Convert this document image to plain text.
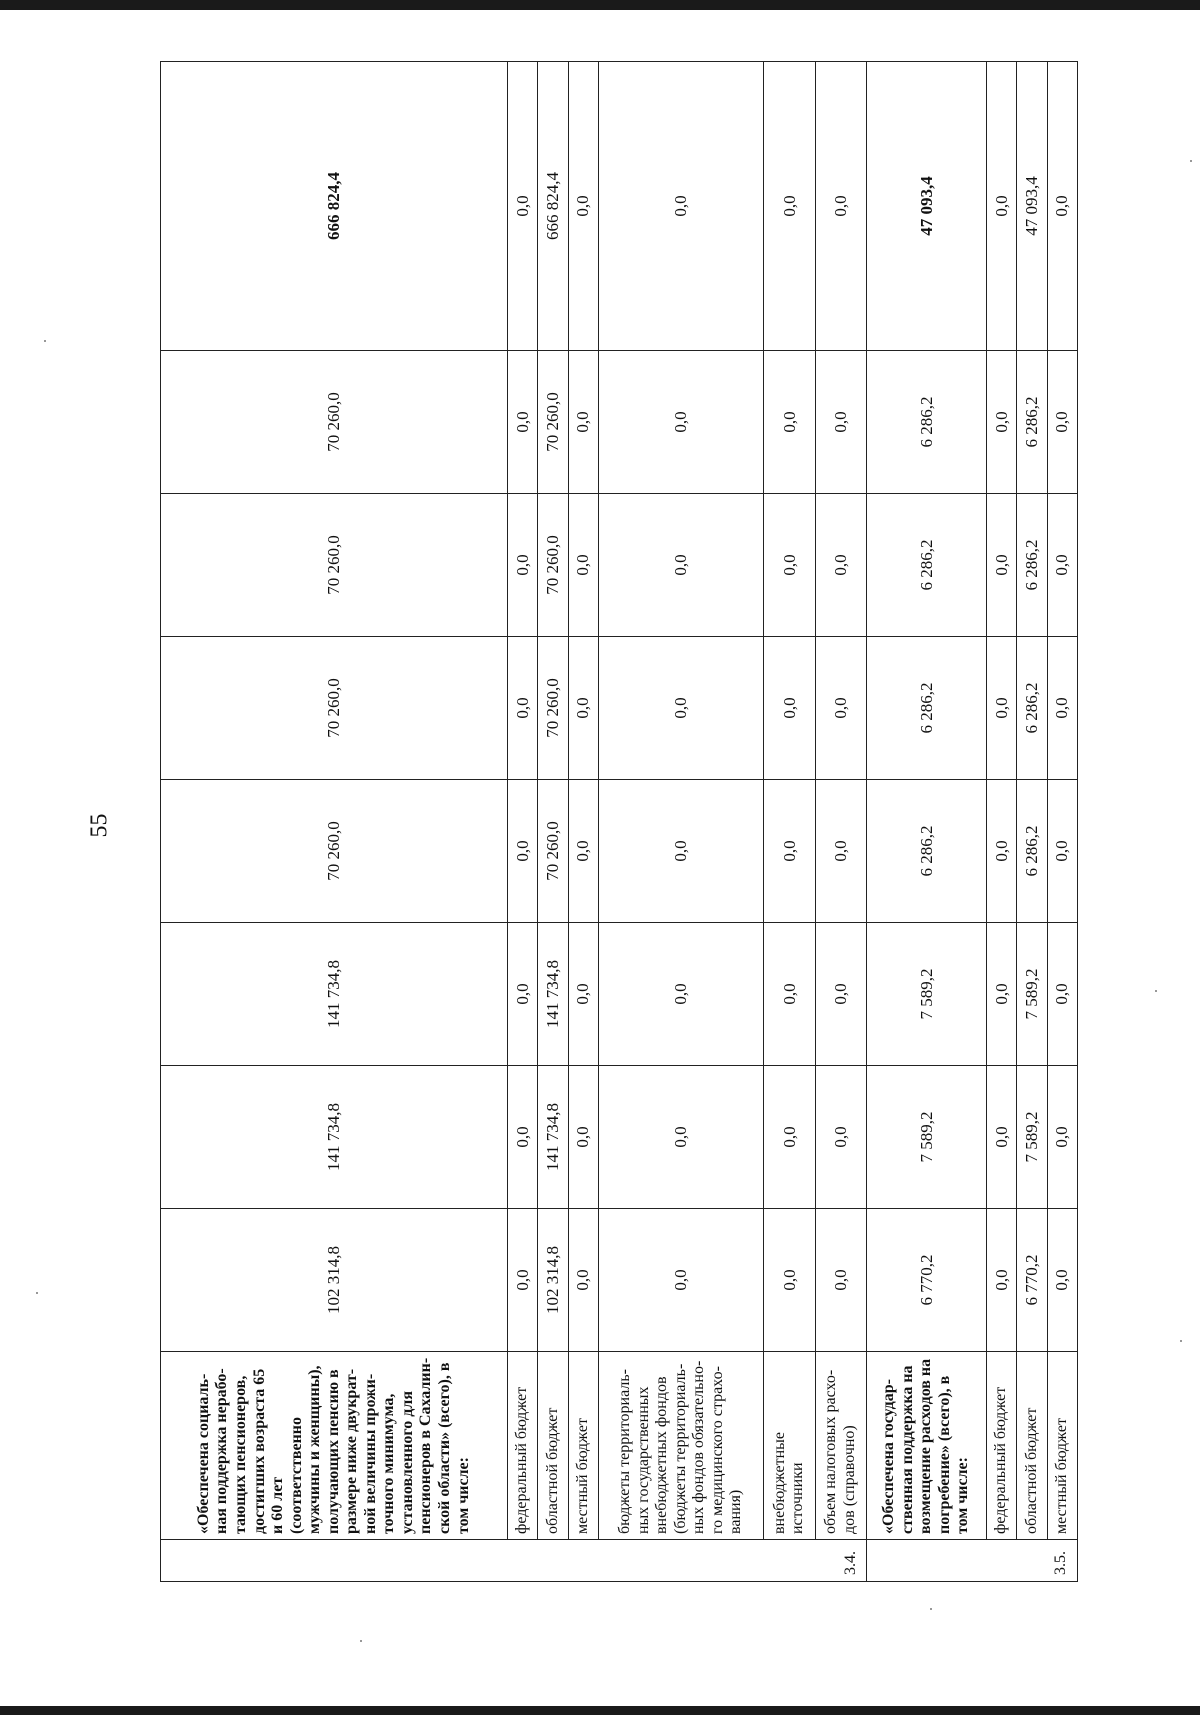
55
3.4.	«Обеспечена социаль-ная поддержка нерабо-тающих пенсионеров, достигших возраста 65 и 60 лет (соответственно мужчины и женщины), получающих пенсию в размере ниже двукрат-ной величины прожи-точного минимума, установленного для пенсионеров в Сахалин-ской области» (всего), в том числе:	102 314,8	141 734,8	141 734,8	70 260,0	70 260,0	70 260,0	70 260,0	666 824,4
	федеральный бюджет	0,0	0,0	0,0	0,0	0,0	0,0	0,0	0,0
	областной бюджет	102 314,8	141 734,8	141 734,8	70 260,0	70 260,0	70 260,0	70 260,0	666 824,4
	местный бюджет	0,0	0,0	0,0	0,0	0,0	0,0	0,0	0,0
	бюджеты территориаль-ных государственных внебюджетных фондов (бюджеты территориаль-ных фондов обязательно-го медицинского страхо-вания)	0,0	0,0	0,0	0,0	0,0	0,0	0,0	0,0
	внебюджетные источники	0,0	0,0	0,0	0,0	0,0	0,0	0,0	0,0
	объем налоговых расхо-дов (справочно)	0,0	0,0	0,0	0,0	0,0	0,0	0,0	0,0
3.5.	«Обеспечена государ-ственная поддержка на возмещение расходов на погребение» (всего), в том числе:	6 770,2	7 589,2	7 589,2	6 286,2	6 286,2	6 286,2	6 286,2	47 093,4
	федеральный бюджет	0,0	0,0	0,0	0,0	0,0	0,0	0,0	0,0
	областной бюджет	6 770,2	7 589,2	7 589,2	6 286,2	6 286,2	6 286,2	6 286,2	47 093,4
	местный бюджет	0,0	0,0	0,0	0,0	0,0	0,0	0,0	0,0
